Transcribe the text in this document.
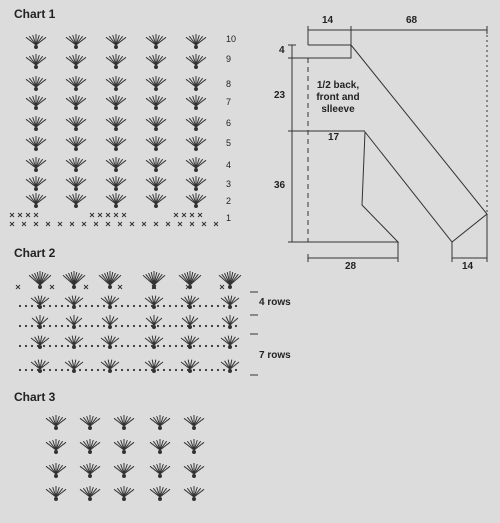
Chart 1
Chart 2
Chart 3
10
9
8
7
6
5
4
3
2
1
4 rows
7 rows
14	68
4
23
17
36
28	14
1/2 back,
front and
slleeve
